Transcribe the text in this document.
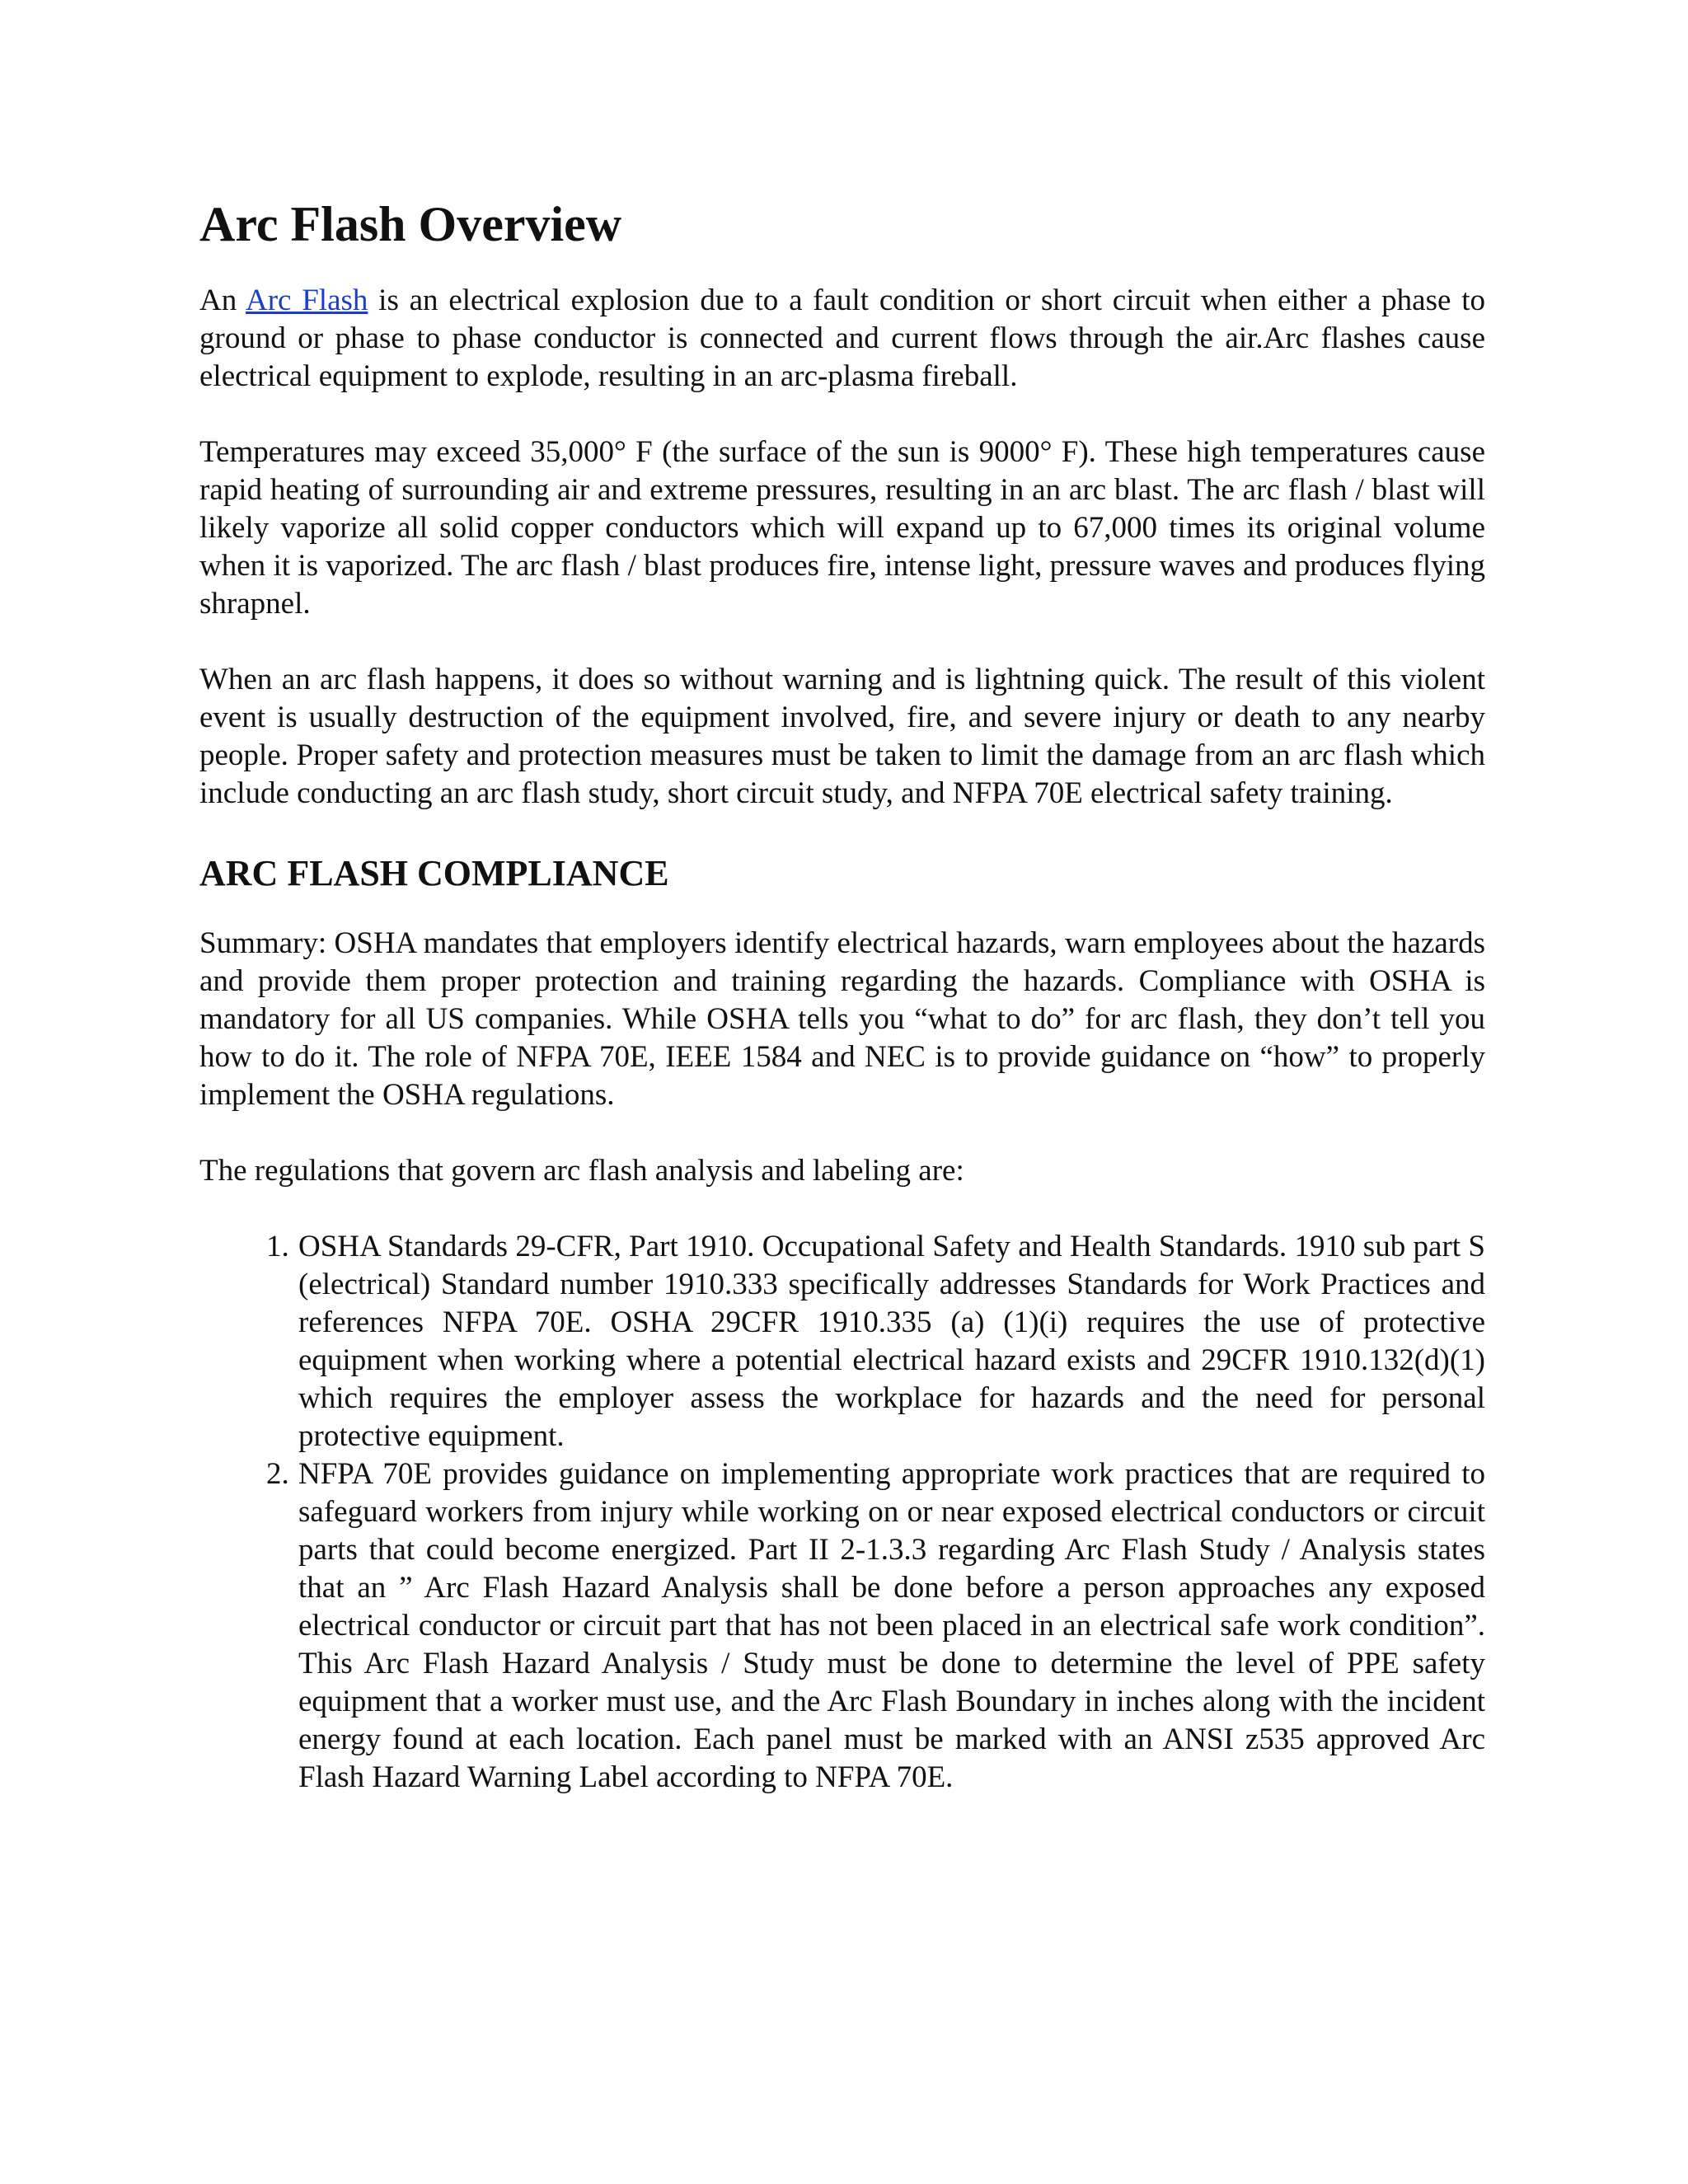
Arc Flash Overview

An Arc Flash is an electrical explosion due to a fault condition or short circuit when either a phase to ground or phase to phase conductor is connected and current flows through the air.Arc flashes cause electrical equipment to explode, resulting in an arc-plasma fireball.

Temperatures may exceed 35,000° F (the surface of the sun is 9000° F). These high temperatures cause rapid heating of surrounding air and extreme pressures, resulting in an arc blast. The arc flash / blast will likely vaporize all solid copper conductors which will expand up to 67,000 times its original volume when it is vaporized. The arc flash / blast produces fire, intense light, pressure waves and produces flying shrapnel.

When an arc flash happens, it does so without warning and is lightning quick. The result of this violent event is usually destruction of the equipment involved, fire, and severe injury or death to any nearby people. Proper safety and protection measures must be taken to limit the damage from an arc flash which include conducting an arc flash study, short circuit study, and NFPA 70E electrical safety training.

ARC FLASH COMPLIANCE

Summary: OSHA mandates that employers identify electrical hazards, warn employees about the hazards and provide them proper protection and training regarding the hazards. Compliance with OSHA is mandatory for all US companies. While OSHA tells you “what to do” for arc flash, they don’t tell you how to do it. The role of NFPA 70E, IEEE 1584 and NEC is to provide guidance on “how” to properly implement the OSHA regulations.

The regulations that govern arc flash analysis and labeling are:

1. OSHA Standards 29-CFR, Part 1910. Occupational Safety and Health Standards. 1910 sub part S (electrical) Standard number 1910.333 specifically addresses Standards for Work Practices and references NFPA 70E. OSHA 29CFR 1910.335 (a) (1)(i) requires the use of protective equipment when working where a potential electrical hazard exists and 29CFR 1910.132(d)(1) which requires the employer assess the workplace for hazards and the need for personal protective equipment.
2. NFPA 70E provides guidance on implementing appropriate work practices that are required to safeguard workers from injury while working on or near exposed electrical conductors or circuit parts that could become energized. Part II 2-1.3.3 regarding Arc Flash Study / Analysis states that an ” Arc Flash Hazard Analysis shall be done before a person approaches any exposed electrical conductor or circuit part that has not been placed in an electrical safe work condition”. This Arc Flash Hazard Analysis / Study must be done to determine the level of PPE safety equipment that a worker must use, and the Arc Flash Boundary in inches along with the incident energy found at each location. Each panel must be marked with an ANSI z535 approved Arc Flash Hazard Warning Label according to NFPA 70E.
